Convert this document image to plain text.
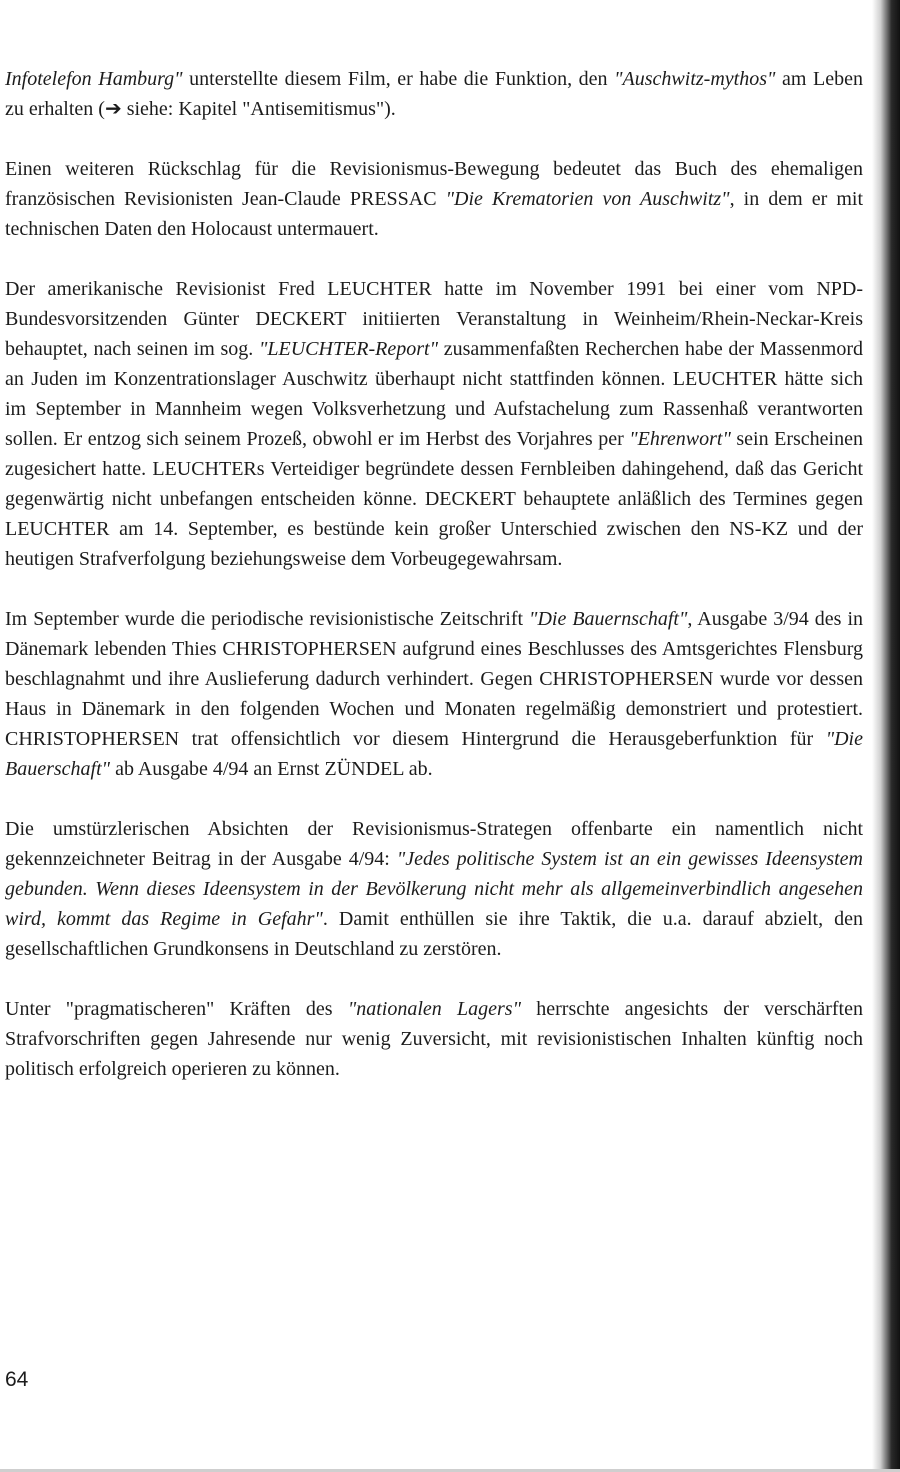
Infotelefon Hamburg" unterstellte diesem Film, er habe die Funktion, den "Auschwitz-mythos" am Leben zu erhalten (➔ siehe: Kapitel "Antisemitismus").

Einen weiteren Rückschlag für die Revisionismus-Bewegung bedeutet das Buch des ehemaligen französischen Revisionisten Jean-Claude PRESSAC "Die Krematorien von Auschwitz", in dem er mit technischen Daten den Holocaust untermauert.

Der amerikanische Revisionist Fred LEUCHTER hatte im November 1991 bei einer vom NPD-Bundesvorsitzenden Günter DECKERT initiierten Veranstaltung in Weinheim/Rhein-Neckar-Kreis behauptet, nach seinen im sog. "LEUCHTER-Report" zusammenfaßten Recherchen habe der Massenmord an Juden im Konzentrationslager Auschwitz überhaupt nicht stattfinden können. LEUCHTER hätte sich im September in Mannheim wegen Volksverhetzung und Aufstachelung zum Rassenhaß verantworten sollen. Er entzog sich seinem Prozeß, obwohl er im Herbst des Vorjahres per "Ehrenwort" sein Erscheinen zugesichert hatte. LEUCHTERs Verteidiger begründete dessen Fernbleiben dahingehend, daß das Gericht gegenwärtig nicht unbefangen entscheiden könne. DECKERT behauptete anläßlich des Termines gegen LEUCHTER am 14. September, es bestünde kein großer Unterschied zwischen den NS-KZ und der heutigen Strafverfolgung beziehungsweise dem Vorbeugegewahrsam.

Im September wurde die periodische revisionistische Zeitschrift "Die Bauernschaft", Ausgabe 3/94 des in Dänemark lebenden Thies CHRISTOPHERSEN aufgrund eines Beschlusses des Amtsgerichtes Flensburg beschlagnahmt und ihre Auslieferung dadurch verhindert. Gegen CHRISTOPHERSEN wurde vor dessen Haus in Dänemark in den folgenden Wochen und Monaten regelmäßig demonstriert und protestiert. CHRISTOPHERSEN trat offensichtlich vor diesem Hintergrund die Herausgeberfunktion für "Die Bauerschaft" ab Ausgabe 4/94 an Ernst ZÜNDEL ab.

Die umstürzlerischen Absichten der Revisionismus-Strategen offenbarte ein namentlich nicht gekennzeichneter Beitrag in der Ausgabe 4/94: "Jedes politische System ist an ein gewisses Ideensystem gebunden. Wenn dieses Ideensystem in der Bevölkerung nicht mehr als allgemeinverbindlich angesehen wird, kommt das Regime in Gefahr". Damit enthüllen sie ihre Taktik, die u.a. darauf abzielt, den gesellschaftlichen Grundkonsens in Deutschland zu zerstören.

Unter "pragmatischeren" Kräften des "nationalen Lagers" herrschte angesichts der verschärften Strafvorschriften gegen Jahresende nur wenig Zuversicht, mit revisionistischen Inhalten künftig noch politisch erfolgreich operieren zu können.

64
